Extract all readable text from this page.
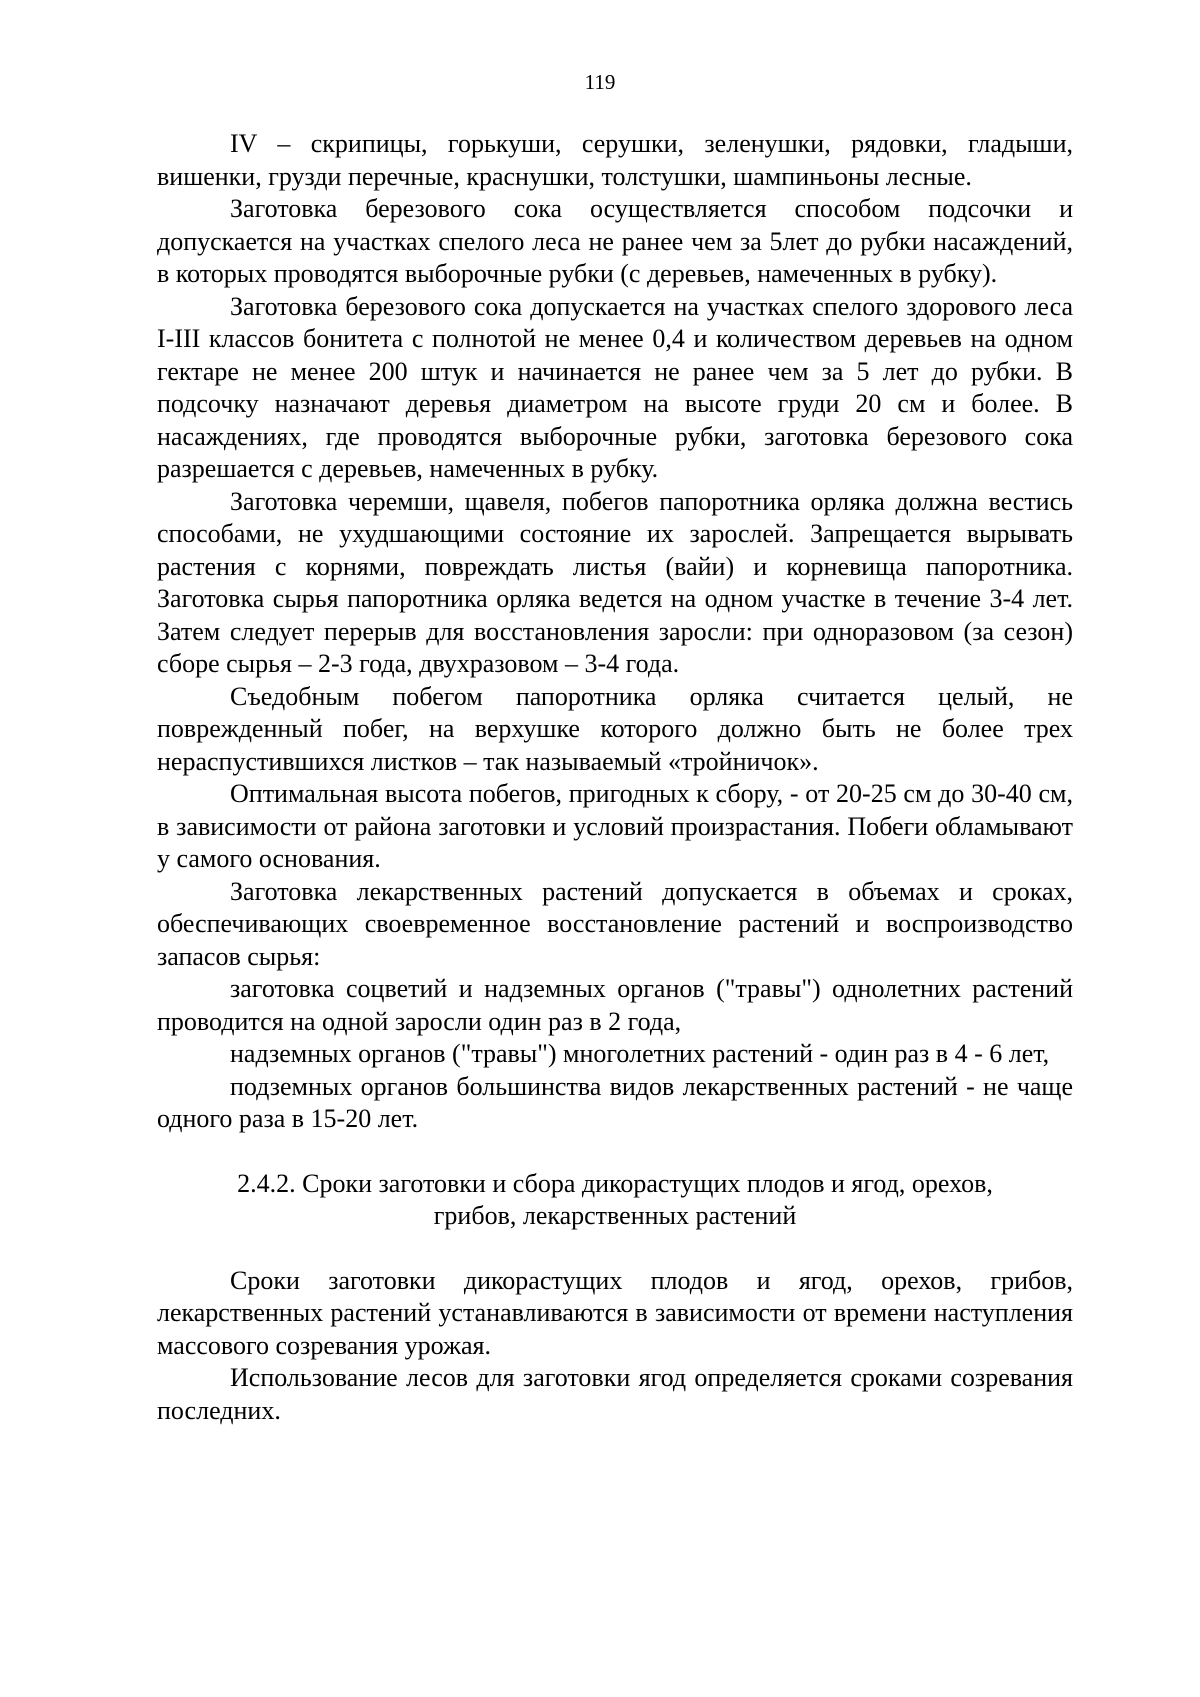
119

IV – скрипицы, горькуши, серушки, зеленушки, рядовки, гладыши, вишенки, грузди перечные, краснушки, толстушки, шампиньоны лесные.

Заготовка березового сока осуществляется способом подсочки и допускается на участках спелого леса не ранее чем за 5лет до рубки насаждений, в которых проводятся выборочные рубки (с деревьев, намеченных в рубку).

Заготовка березового сока допускается на участках спелого здорового леса I-III классов бонитета с полнотой не менее 0,4 и количеством деревьев на одном гектаре не менее 200 штук и начинается не ранее чем за 5 лет до рубки. В подсочку назначают деревья диаметром на высоте груди 20 см и более. В насаждениях, где проводятся выборочные рубки, заготовка березового сока разрешается с деревьев, намеченных в рубку.

Заготовка черемши, щавеля, побегов папоротника орляка должна вестись способами, не ухудшающими состояние их зарослей. Запрещается вырывать растения с корнями, повреждать листья (вайи) и корневища папоротника. Заготовка сырья папоротника орляка ведется на одном участке в течение 3-4 лет. Затем следует перерыв для восстановления заросли: при одноразовом (за сезон) сборе сырья – 2-3 года, двухразовом – 3-4 года.

Съедобным побегом папоротника орляка считается целый, не поврежденный побег, на верхушке которого должно быть не более трех нераспустившихся листков – так называемый «тройничок».

Оптимальная высота побегов, пригодных к сбору, - от 20-25 см до 30-40 см, в зависимости от района заготовки и условий произрастания. Побеги обламывают у самого основания.

Заготовка лекарственных растений допускается в объемах и сроках, обеспечивающих своевременное восстановление растений и воспроизводство запасов сырья:

заготовка соцветий и надземных органов ("травы") однолетних растений проводится на одной заросли один раз в 2 года,

надземных органов ("травы") многолетних растений - один раз в 4 - 6 лет,

подземных органов большинства видов лекарственных растений - не чаще одного раза в 15-20 лет.

2.4.2. Сроки заготовки и сбора дикорастущих плодов и ягод, орехов,
грибов, лекарственных растений

Сроки заготовки дикорастущих плодов и ягод, орехов, грибов, лекарственных растений устанавливаются в зависимости от времени наступления массового созревания урожая.

Использование лесов для заготовки ягод определяется сроками созревания последних.
